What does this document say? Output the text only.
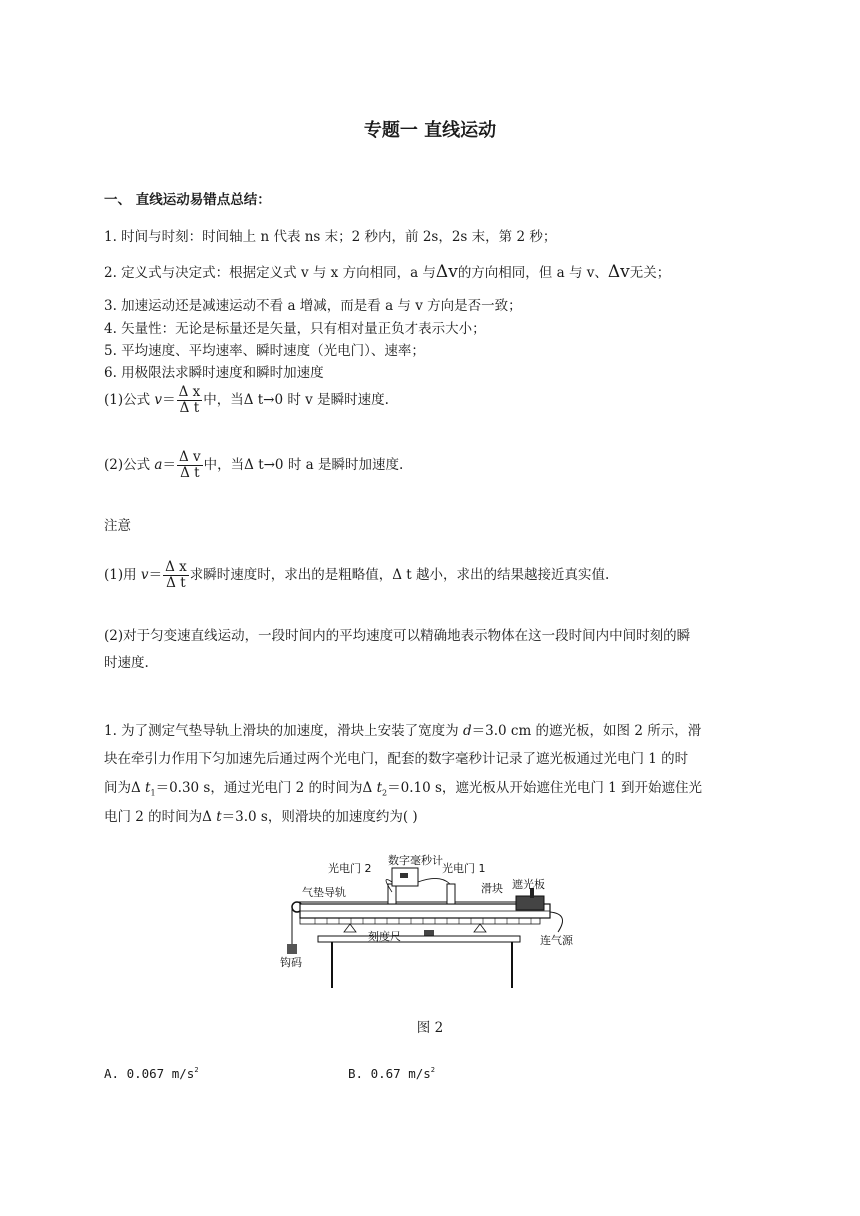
专题一 直线运动
一、 直线运动易错点总结：
1. 时间与时刻：时间轴上 n 代表 ns 末；2 秒内，前 2s，2s 末，第 2 秒；
2. 定义式与决定式：根据定义式 v 与 x 方向相同，a 与Δv的方向相同，但 a 与 v、Δv无关；
3. 加速运动还是减速运动不看 a 增减，而是看 a 与 v 方向是否一致；
4. 矢量性：无论是标量还是矢量，只有相对量正负才表示大小；
5. 平均速度、平均速率、瞬时速度（光电门）、速率；
6. 用极限法求瞬时速度和瞬时加速度
(1)公式 $v= \frac{\text{Δ x}}{\text{Δ t}}$ 中，当Δ t→0 时 v 是瞬时速度.
(2)公式 $a= \frac{\text{Δ v}}{\text{Δ t}}$ 中，当Δ t→0 时 a 是瞬时加速度.
注意
(1)用 $v= \frac{\text{Δ x}}{\text{Δ t}}$ 求瞬时速度时，求出的是粗略值，Δ t 越小，求出的结果越接近真实值.
(2)对于匀变速直线运动，一段时间内的平均速度可以精确地表示物体在这一段时间内中间时刻的瞬
时速度.
1. 为了测定气垫导轨上滑块的加速度，滑块上安装了宽度为 d＝3.0 cm 的遮光板，如图 2 所示，滑
块在牵引力作用下匀加速先后通过两个光电门，配套的数字毫秒计记录了遮光板通过光电门 1 的时
间为Δ $t_1=0.30$ s，通过光电门 2 的时间为Δ $t_2=0.10$ s，遮光板从开始遮住光电门 1 到开始遮住光
电门 2 的时间为Δ t＝3.0 s，则滑块的加速度约为( )
光电门 2
数字毫秒计
光电门 1
气垫导轨	滑块 遮光板
刻度尺	连气源
钩码
图 2
A. 0.067 $m/s^2$	B. 0.67 $m/s^2$
